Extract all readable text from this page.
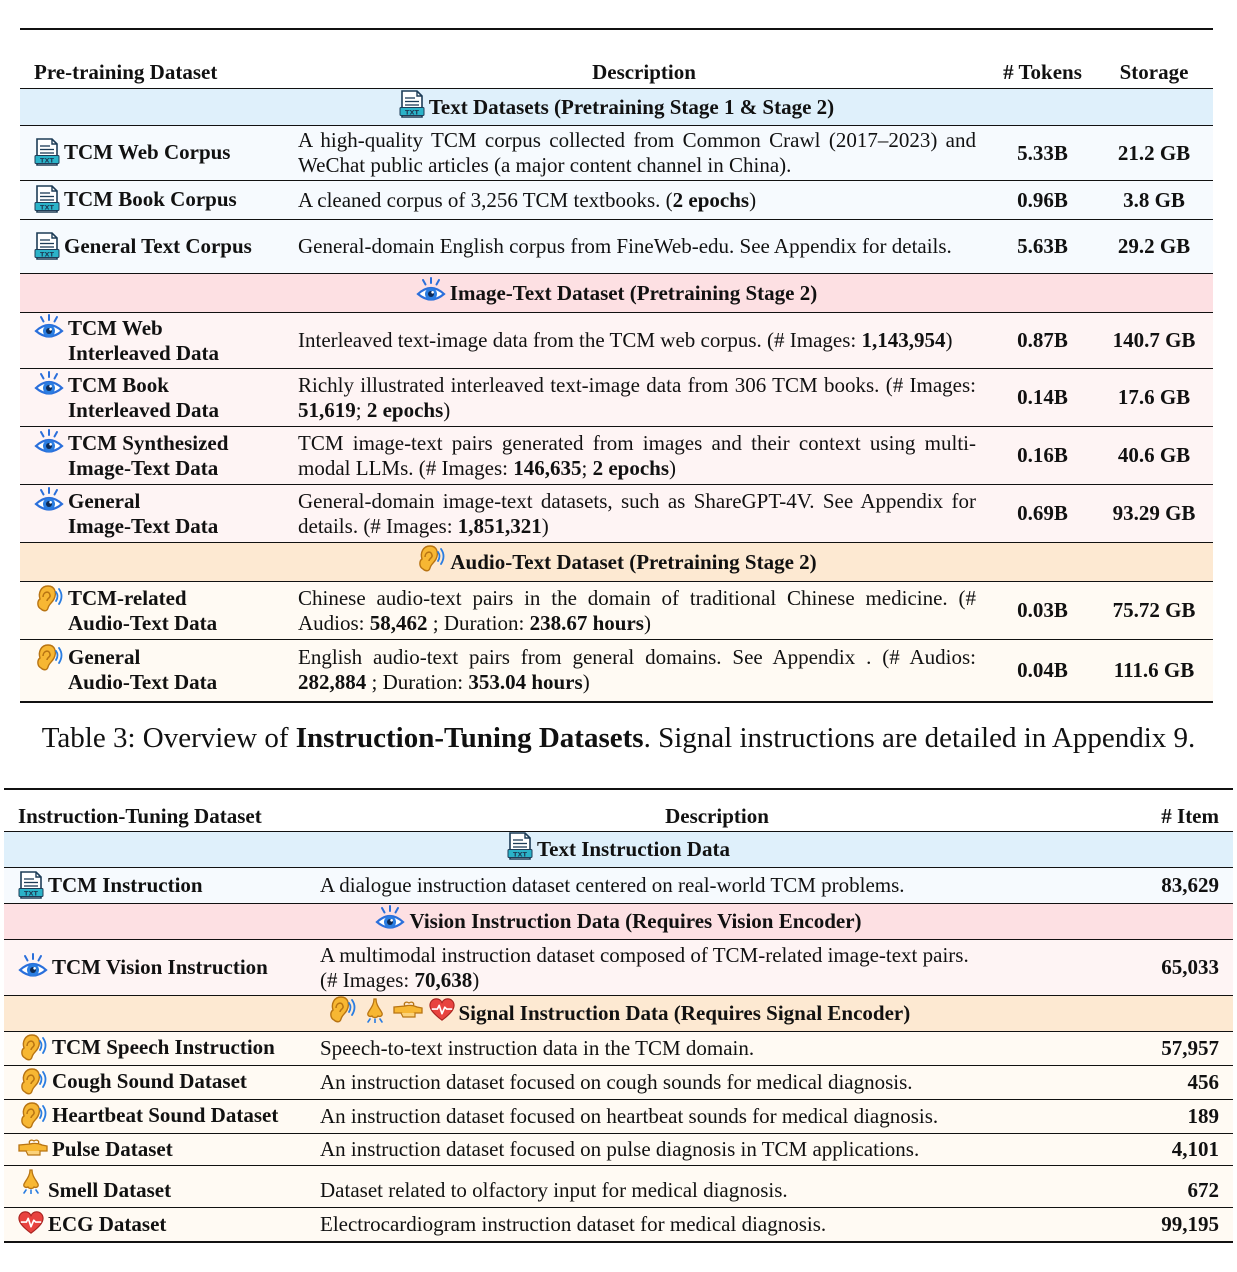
Pre-training Dataset	Description	# Tokens	Storage
Text Datasets (Pretraining Stage 1 & Stage 2)			

TCM Web Corpus	A high-quality TCM corpus collected from Common Crawl (2017–2023) and WeChat public articles (a major content channel in China).	5.33B	21.2 GB

TCM Book Corpus	A cleaned corpus of 3,256 TCM textbooks. (2 epochs)	0.96B	3.8 GB

General Text Corpus	General-domain English corpus from FineWeb-edu. See Appendix for details.	5.63B	29.2 GB
Image-Text Dataset (Pretraining Stage 2)			

TCM Web
Interleaved Data	Interleaved text-image data from the TCM web corpus. (# Images: 1,143,954)	0.87B	140.7 GB

TCM Book
Interleaved Data	Richly illustrated interleaved text-image data from 306 TCM books. (# Images: 51,619; 2 epochs)	0.14B	17.6 GB

TCM Synthesized
Image-Text Data	TCM image-text pairs generated from images and their context using multi-modal LLMs. (# Images: 146,635; 2 epochs)	0.16B	40.6 GB

General
Image-Text Data	General-domain image-text datasets, such as ShareGPT-4V. See Appendix for details. (# Images: 1,851,321)	0.69B	93.29 GB
Audio-Text Dataset (Pretraining Stage 2)			

TCM-related
Audio-Text Data	Chinese audio-text pairs in the domain of traditional Chinese medicine. (# Audios: 58,462 ; Duration: 238.67 hours)	0.03B	75.72 GB

General
Audio-Text Data	English audio-text pairs from general domains. See Appendix . (# Audios: 282,884 ; Duration: 353.04 hours)	0.04B	111.6 GB
Table 3: Overview of Instruction-Tuning Datasets. Signal instructions are detailed in Appendix 9.
Instruction-Tuning Dataset	Description	# Item
Text Instruction Data		

TCM Instruction	A dialogue instruction dataset centered on real-world TCM problems.	83,629
Vision Instruction Data (Requires Vision Encoder)		

TCM Vision Instruction	A multimodal instruction dataset composed of TCM-related image-text pairs.
(# Images: 70,638)	65,033
Signal Instruction Data (Requires Signal Encoder)		

TCM Speech Instruction	Speech-to-text instruction data in the TCM domain.	57,957

Cough Sound Dataset	An instruction dataset focused on cough sounds for medical diagnosis.	456

Heartbeat Sound Dataset	An instruction dataset focused on heartbeat sounds for medical diagnosis.	189

Pulse Dataset	An instruction dataset focused on pulse diagnosis in TCM applications.	4,101

Smell Dataset	Dataset related to olfactory input for medical diagnosis.	672

ECG Dataset	Electrocardiogram instruction dataset for medical diagnosis.	99,195
